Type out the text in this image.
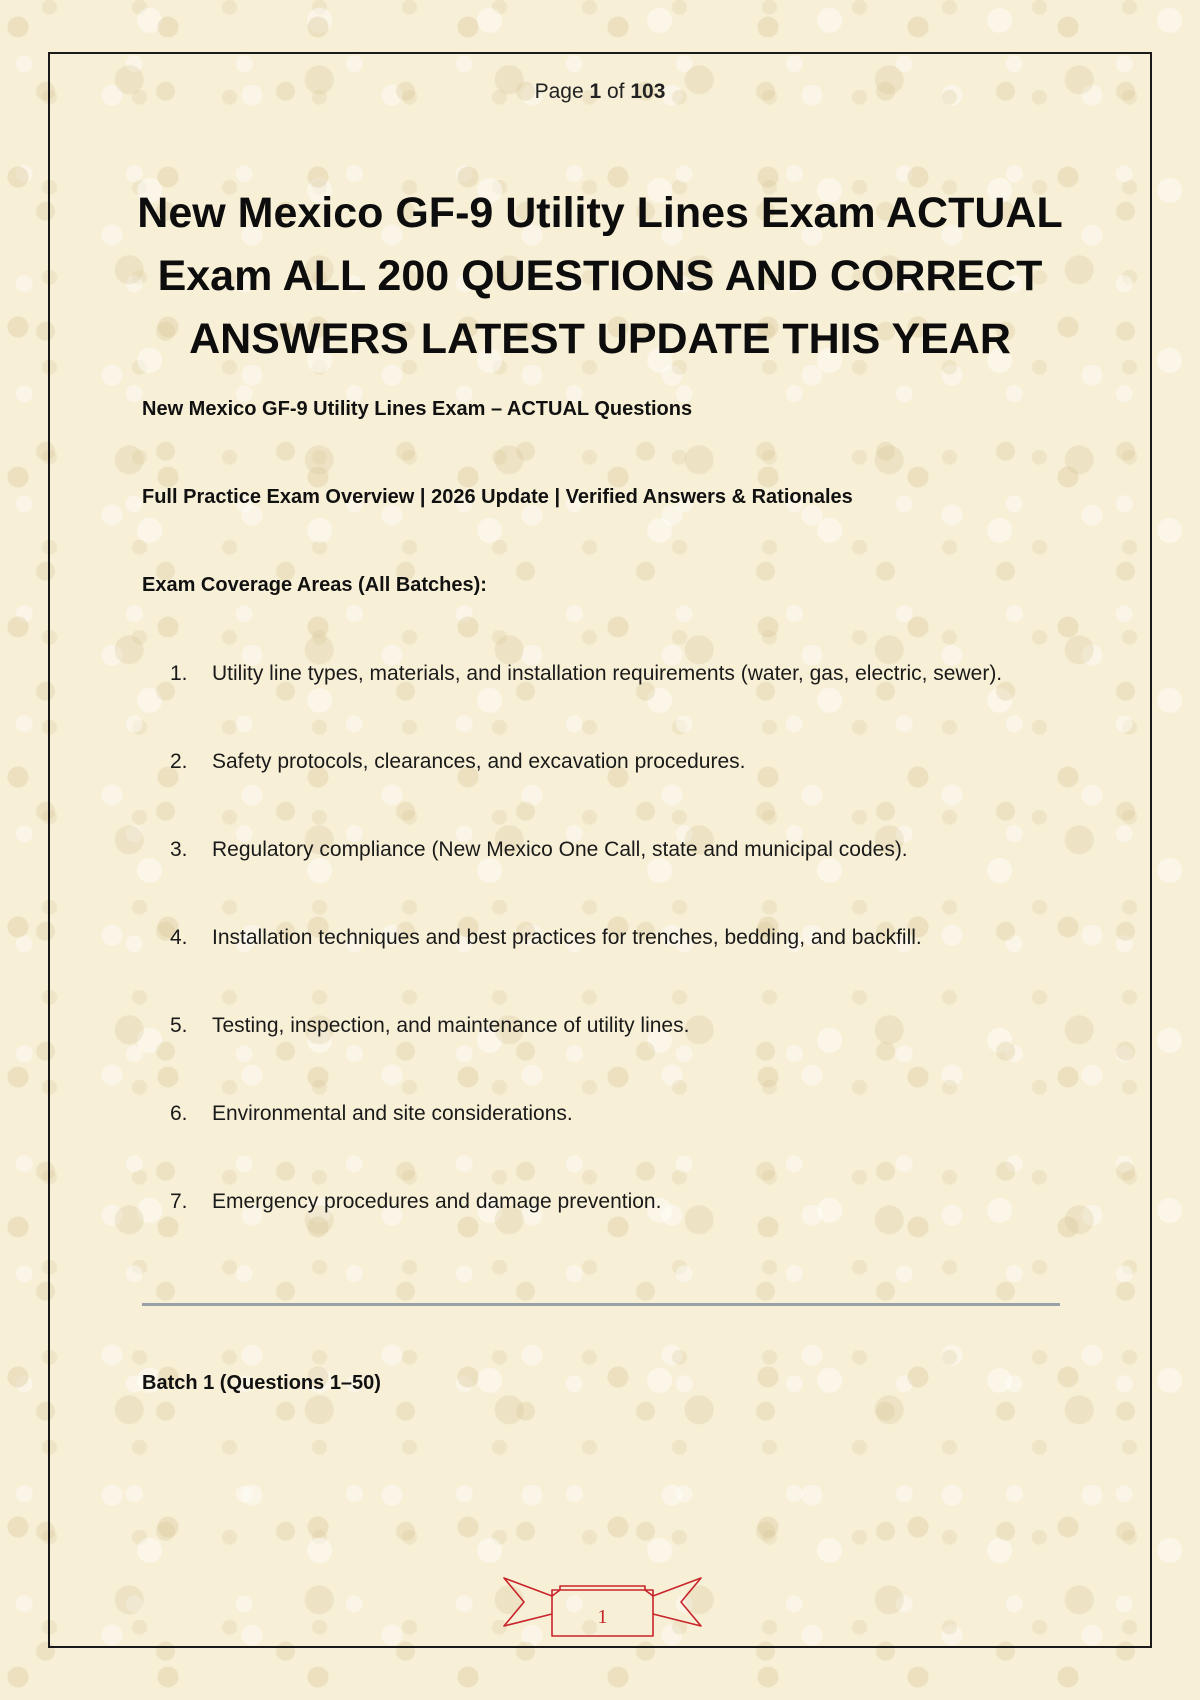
Page 1 of 103
New Mexico GF-9 Utility Lines Exam ACTUAL Exam ALL 200 QUESTIONS AND CORRECT ANSWERS LATEST UPDATE THIS YEAR
New Mexico GF-9 Utility Lines Exam – ACTUAL Questions
Full Practice Exam Overview | 2026 Update | Verified Answers & Rationales
Exam Coverage Areas (All Batches):
1.	Utility line types, materials, and installation requirements (water, gas, electric, sewer).
2.	Safety protocols, clearances, and excavation procedures.
3.	Regulatory compliance (New Mexico One Call, state and municipal codes).
4.	Installation techniques and best practices for trenches, bedding, and backfill.
5.	Testing, inspection, and maintenance of utility lines.
6.	Environmental and site considerations.
7.	Emergency procedures and damage prevention.
Batch 1 (Questions 1–50)
1
